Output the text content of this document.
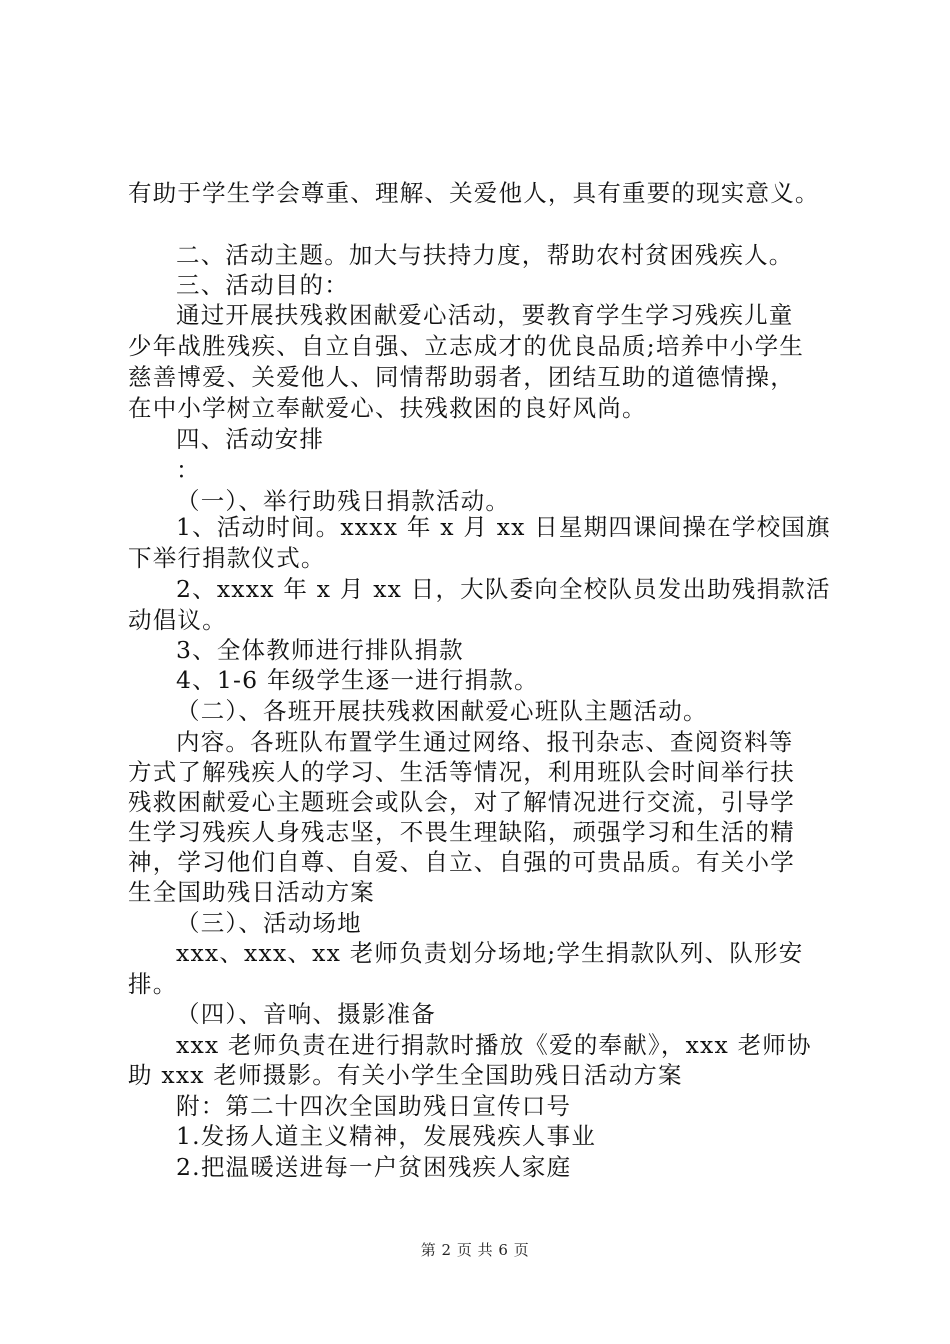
有助于学生学会尊重、理解、关爱他人，具有重要的现实意义。
二、活动主题。加大与扶持力度，帮助农村贫困残疾人。
三、活动目的：
通过开展扶残救困献爱心活动，要教育学生学习残疾儿童
少年战胜残疾、自立自强、立志成才的优良品质;培养中小学生
慈善博爱、关爱他人、同情帮助弱者，团结互助的道德情操，
在中小学树立奉献爱心、扶残救困的良好风尚。
四、活动安排
：
（一）、举行助残日捐款活动。
1、活动时间。xxxx 年 x 月 xx 日星期四课间操在学校国旗
下举行捐款仪式。
2、xxxx 年 x 月 xx 日，大队委向全校队员发出助残捐款活
动倡议。
3、全体教师进行排队捐款
4、1-6 年级学生逐一进行捐款。
（二）、各班开展扶残救困献爱心班队主题活动。
内容。各班队布置学生通过网络、报刊杂志、查阅资料等
方式了解残疾人的学习、生活等情况，利用班队会时间举行扶
残救困献爱心主题班会或队会，对了解情况进行交流，引导学
生学习残疾人身残志坚，不畏生理缺陷，顽强学习和生活的精
神，学习他们自尊、自爱、自立、自强的可贵品质。有关小学
生全国助残日活动方案
（三）、活动场地
xxx、xxx、xx 老师负责划分场地;学生捐款队列、队形安
排。
（四）、音响、摄影准备
xxx 老师负责在进行捐款时播放《爱的奉献》，xxx 老师协
助 xxx 老师摄影。有关小学生全国助残日活动方案
附：第二十四次全国助残日宣传口号
1.发扬人道主义精神，发展残疾人事业
2.把温暖送进每一户贫困残疾人家庭
第 2 页 共 6 页
